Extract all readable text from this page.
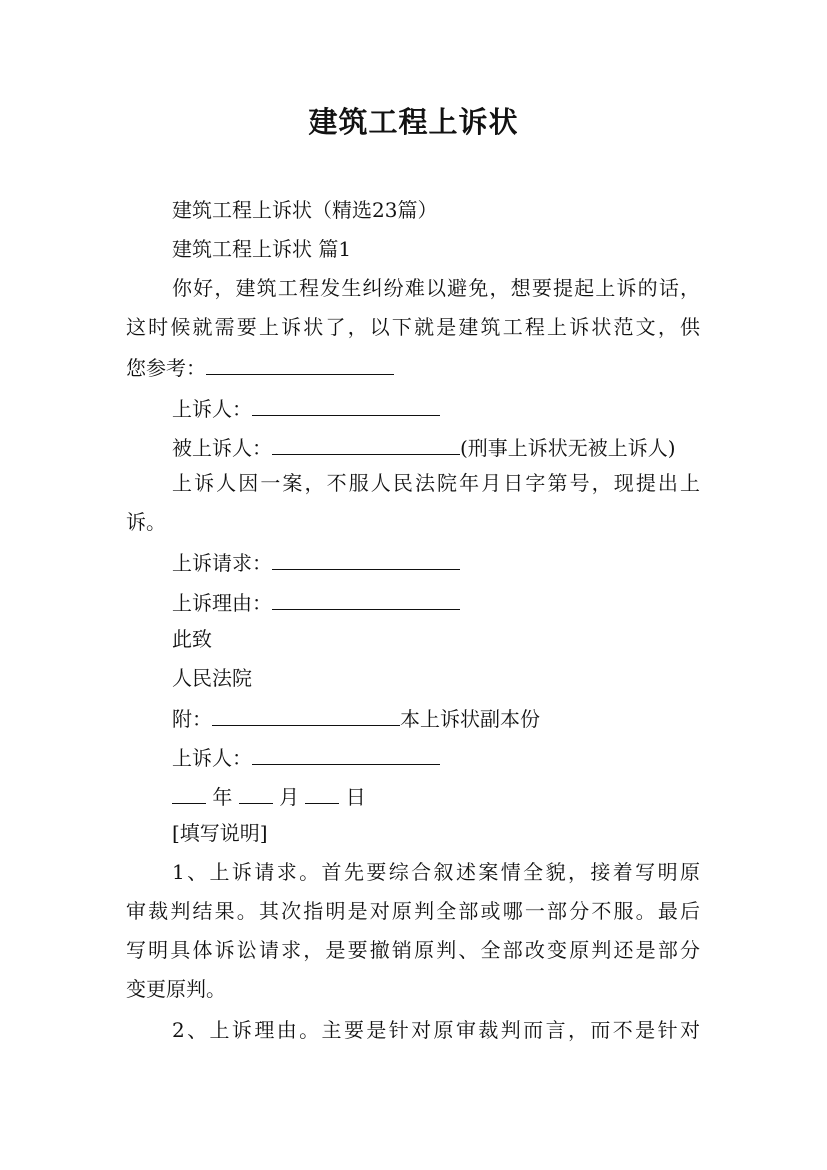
建筑工程上诉状
建筑工程上诉状（精选23篇）
建筑工程上诉状 篇1
你好，建筑工程发生纠纷难以避免，想要提起上诉的话，
这时候就需要上诉状了，以下就是建筑工程上诉状范文，供
您参考：
上诉人：
被上诉人：	(刑事上诉状无被上诉人)
上诉人因一案，不服人民法院年月日字第号，现提出上
诉。
上诉请求：
上诉理由：
此致
人民法院
附：	本上诉状副本份
上诉人：
年 月 日
[填写说明]
1、上诉请求。首先要综合叙述案情全貌，接着写明原
审裁判结果。其次指明是对原判全部或哪一部分不服。最后
写明具体诉讼请求，是要撤销原判、全部改变原判还是部分
变更原判。
2、上诉理由。主要是针对原审裁判而言，而不是针对
